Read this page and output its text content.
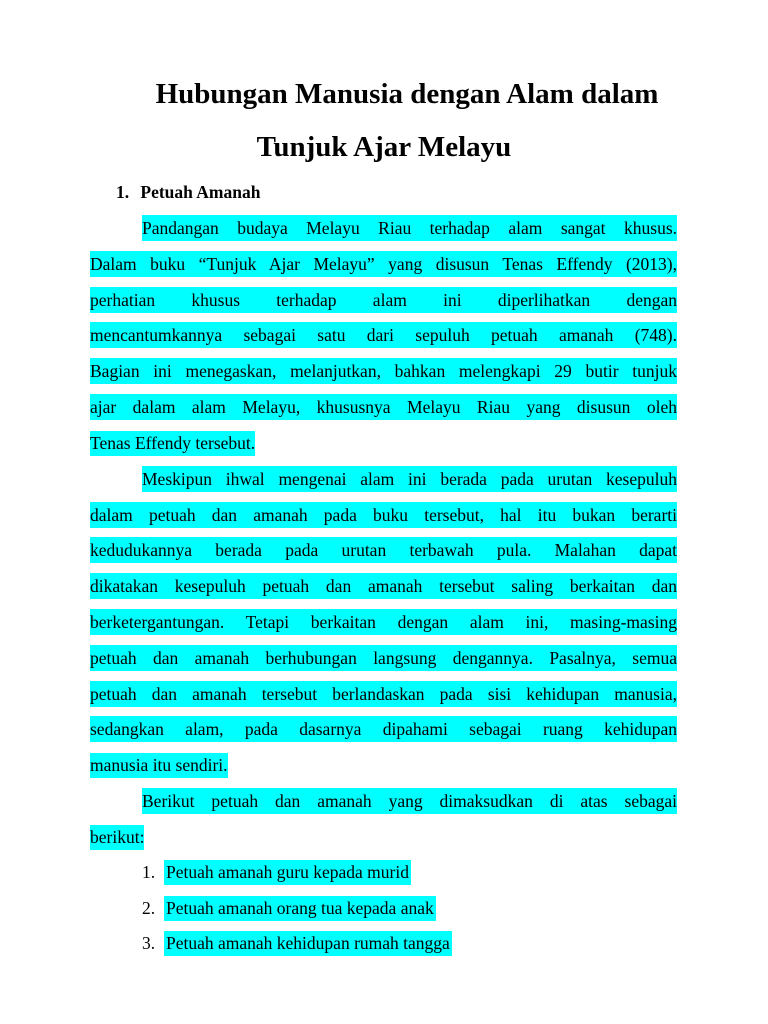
Hubungan Manusia dengan Alam dalam
Tunjuk Ajar Melayu
1. Petuah Amanah
Pandangan budaya Melayu Riau terhadap alam sangat khusus.
Dalam buku “Tunjuk Ajar Melayu” yang disusun Tenas Effendy (2013),
perhatian khusus terhadap alam ini diperlihatkan dengan
mencantumkannya sebagai satu dari sepuluh petuah amanah (748).
Bagian ini menegaskan, melanjutkan, bahkan melengkapi 29 butir tunjuk
ajar dalam alam Melayu, khususnya Melayu Riau yang disusun oleh
Tenas Effendy tersebut.
Meskipun ihwal mengenai alam ini berada pada urutan kesepuluh
dalam petuah dan amanah pada buku tersebut, hal itu bukan berarti
kedudukannya berada pada urutan terbawah pula. Malahan dapat
dikatakan kesepuluh petuah dan amanah tersebut saling berkaitan dan
berketergantungan. Tetapi berkaitan dengan alam ini, masing-masing
petuah dan amanah berhubungan langsung dengannya. Pasalnya, semua
petuah dan amanah tersebut berlandaskan pada sisi kehidupan manusia,
sedangkan alam, pada dasarnya dipahami sebagai ruang kehidupan
manusia itu sendiri.
Berikut petuah dan amanah yang dimaksudkan di atas sebagai
berikut:
1. Petuah amanah guru kepada murid
2. Petuah amanah orang tua kepada anak
3. Petuah amanah kehidupan rumah tangga
